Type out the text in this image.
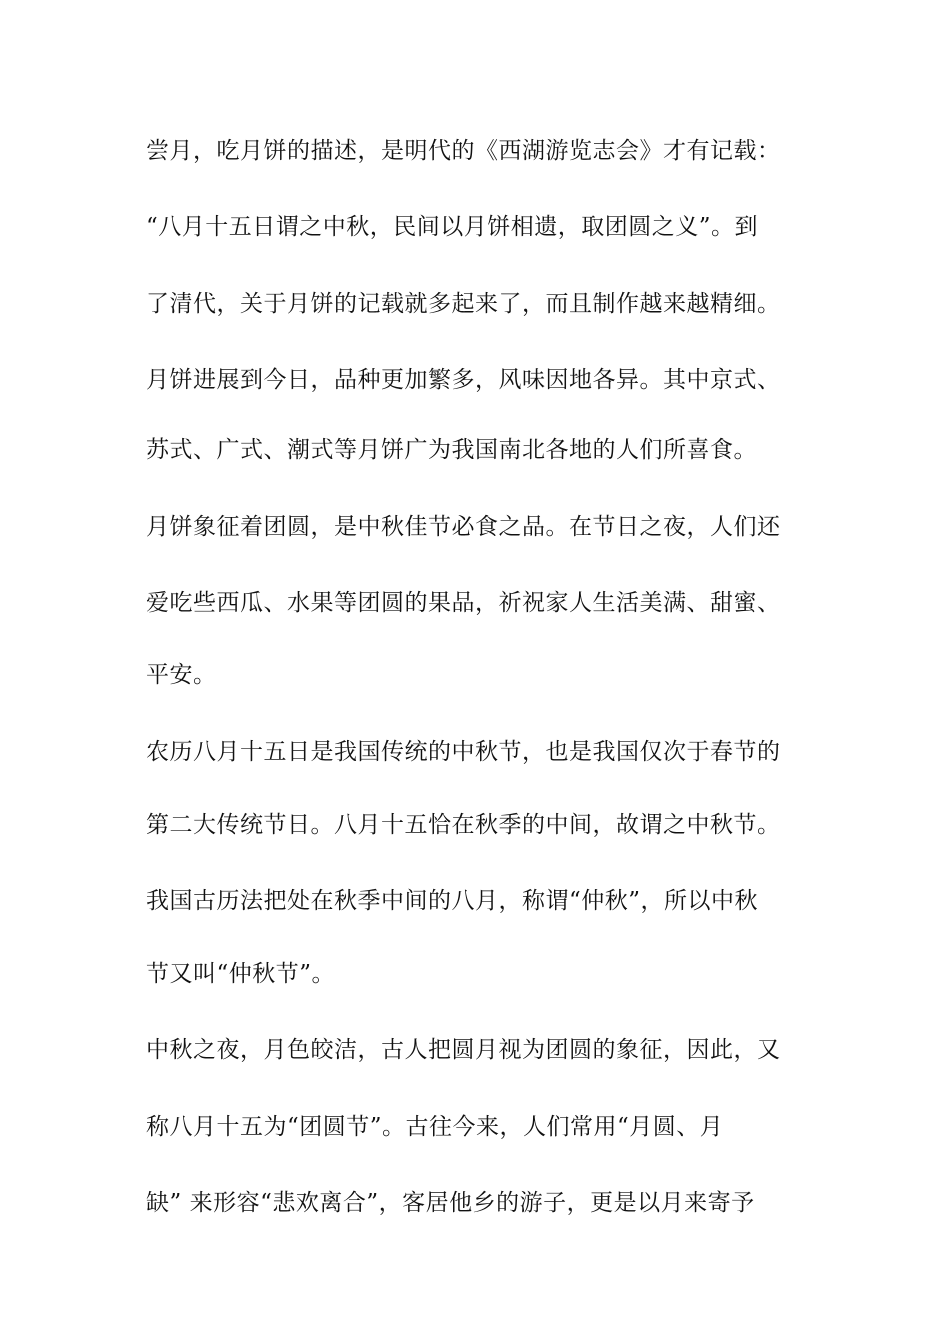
尝月，吃月饼的描述，是明代的《西湖游览志会》才有记载：
“八月十五日谓之中秋，民间以月饼相遗，取团圆之义”。到
了清代，关于月饼的记载就多起来了，而且制作越来越精细。
月饼进展到今日，品种更加繁多，风味因地各异。其中京式、
苏式、广式、潮式等月饼广为我国南北各地的人们所喜食。
月饼象征着团圆，是中秋佳节必食之品。在节日之夜，人们还
爱吃些西瓜、水果等团圆的果品，祈祝家人生活美满、甜蜜、
平安。
农历八月十五日是我国传统的中秋节，也是我国仅次于春节的
第二大传统节日。八月十五恰在秋季的中间，故谓之中秋节。
我国古历法把处在秋季中间的八月，称谓“仲秋”，所以中秋
节又叫“仲秋节”。
中秋之夜，月色皎洁，古人把圆月视为团圆的象征，因此，又
称八月十五为“团圆节”。古往今来，人们常用“月圆、月
缺” 来形容“悲欢离合”，客居他乡的游子，更是以月来寄予
